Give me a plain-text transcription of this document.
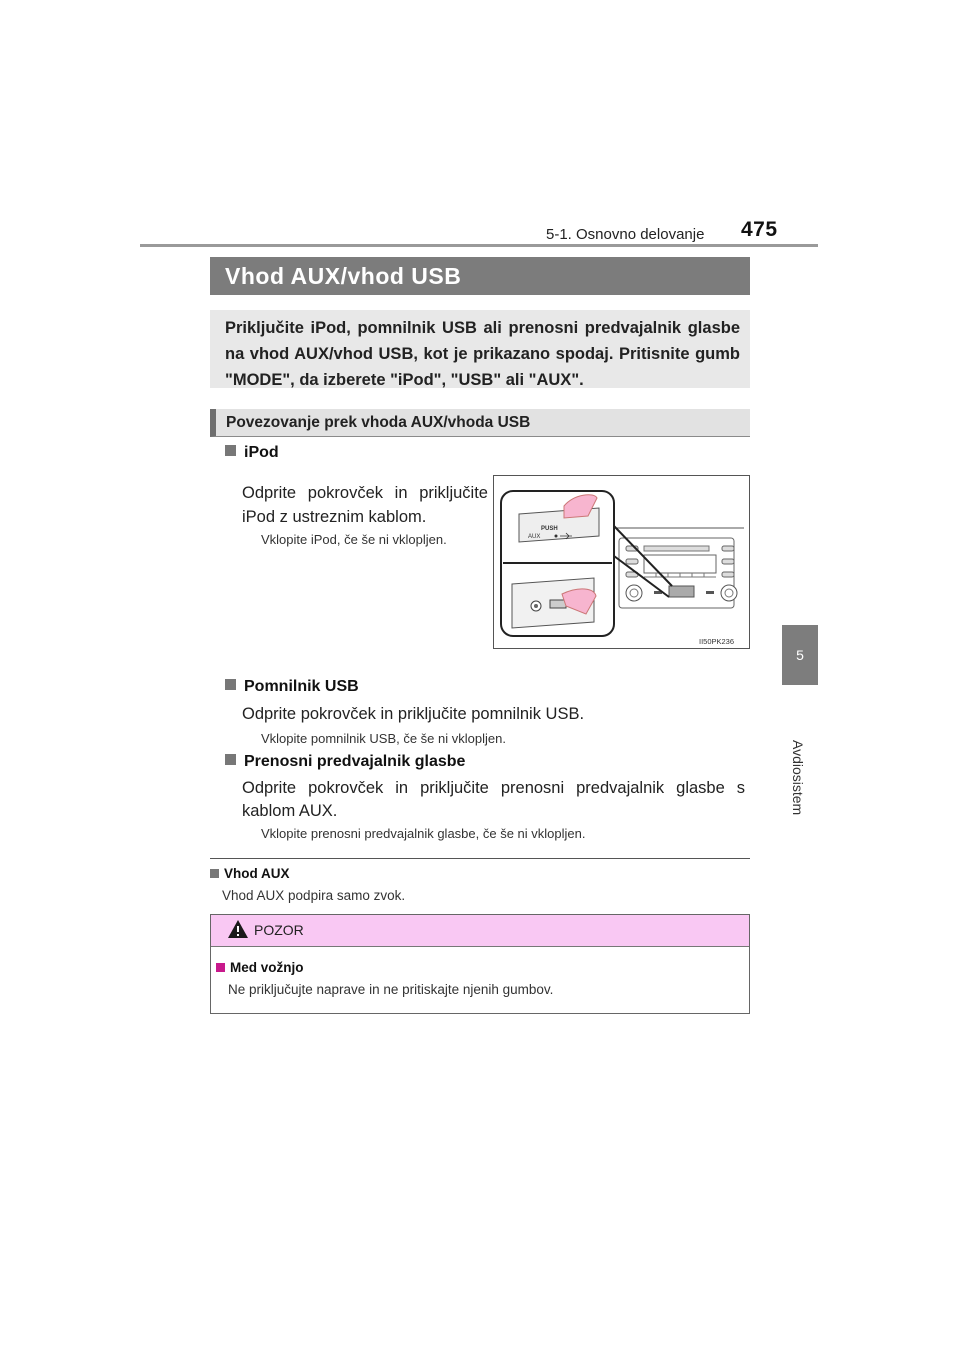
5-1. Osnovno delovanje 475
5
Avdiosistem
Vhod AUX/vhod USB
Priključite iPod, pomnilnik USB ali prenosni predvajalnik glasbe na vhod AUX/vhod USB, kot je prikazano spodaj. Pritisnite gumb "MODE", da izberete "iPod", "USB" ali "AUX".
Povezovanje prek vhoda AUX/vhoda USB
iPod
Odprite pokrovček in priključite iPod z ustreznim kablom.
Vklopite iPod, če še ni vklopljen.
PUSH
AUX
II50PK236
Pomnilnik USB
Odprite pokrovček in priključite pomnilnik USB.
Vklopite pomnilnik USB, če še ni vklopljen.
Prenosni predvajalnik glasbe
Odprite pokrovček in priključite prenosni predvajalnik glasbe s kablom AUX.
Vklopite prenosni predvajalnik glasbe, če še ni vklopljen.
Vhod AUX
Vhod AUX podpira samo zvok.
POZOR
Med vožnjo
Ne priključujte naprave in ne pritiskajte njenih gumbov.
